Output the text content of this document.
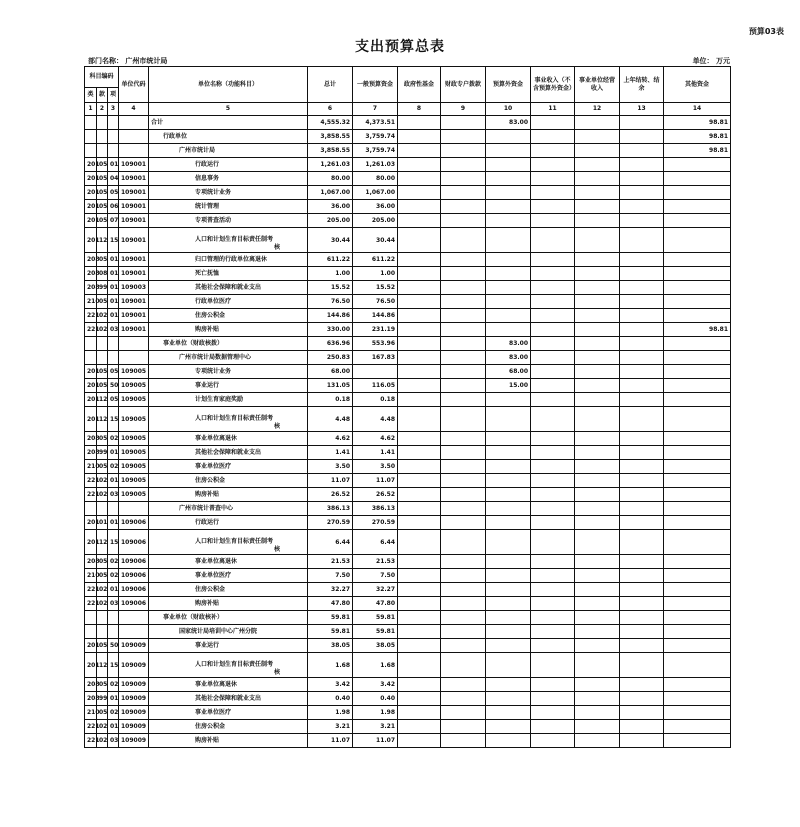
预算03表
支出预算总表
部门名称： 广州市统计局	单位： 万元
科目编码			单位代码	单位名称（功能科目）	总计	一般预算资金	政府性基金	财政专户拨款	预算外资金	事业收入（不含预算外资金）	事业单位经营收入	上年结转、结余	其他资金
类	款	项											
1	2	3	4	5	6	7	8	9	10	11	12	13	14

				合计	4,555.32	4,373.51			83.00				98.81

				行政单位	3,858.55	3,759.74							98.81

				广州市统计局	3,858.55	3,759.74							98.81
201	05	01	109001	行政运行	1,261.03	1,261.03							
201	05	04	109001	信息事务	80.00	80.00							
201	05	05	109001	专项统计业务	1,067.00	1,067.00							
201	05	06	109001	统计管理	36.00	36.00							
201	05	07	109001	专项普查活动	205.00	205.00							
201	12	15	109001	人口和计划生育目标责任制考
核	30.44	30.44							
208	05	01	109001	归口管理的行政单位离退休	611.22	611.22							
208	08	01	109001	死亡抚恤	1.00	1.00							
208	99	01	109003	其他社会保障和就业支出	15.52	15.52							
210	05	01	109001	行政单位医疗	76.50	76.50							
221	02	01	109001	住房公积金	144.86	144.86							
221	02	03	109001	购房补贴	330.00	231.19							98.81

				事业单位（财政核拨）	636.96	553.96			83.00				

				广州市统计局数据管理中心	250.83	167.83			83.00				
201	05	05	109005	专项统计业务	68.00				68.00				
201	05	50	109005	事业运行	131.05	116.05			15.00				
201	12	05	109005	计划生育家庭奖励	0.18	0.18							
201	12	15	109005	人口和计划生育目标责任制考
核	4.48	4.48							
208	05	02	109005	事业单位离退休	4.62	4.62							
208	99	01	109005	其他社会保障和就业支出	1.41	1.41							
210	05	02	109005	事业单位医疗	3.50	3.50							
221	02	01	109005	住房公积金	11.07	11.07							
221	02	03	109005	购房补贴	26.52	26.52							

				广州市统计普查中心	386.13	386.13							
201	01	01	109006	行政运行	270.59	270.59							
201	12	15	109006	人口和计划生育目标责任制考
核	6.44	6.44							
208	05	02	109006	事业单位离退休	21.53	21.53							
210	05	02	109006	事业单位医疗	7.50	7.50							
221	02	01	109006	住房公积金	32.27	32.27							
221	02	03	109006	购房补贴	47.80	47.80							

				事业单位（财政核补）	59.81	59.81							

				国家统计局培训中心广州分院	59.81	59.81							
201	05	50	109009	事业运行	38.05	38.05							
201	12	15	109009	人口和计划生育目标责任制考
核	1.68	1.68							
208	05	02	109009	事业单位离退休	3.42	3.42							
208	99	01	109009	其他社会保障和就业支出	0.40	0.40							
210	05	02	109009	事业单位医疗	1.98	1.98							
221	02	01	109009	住房公积金	3.21	3.21							
221	02	03	109009	购房补贴	11.07	11.07							
